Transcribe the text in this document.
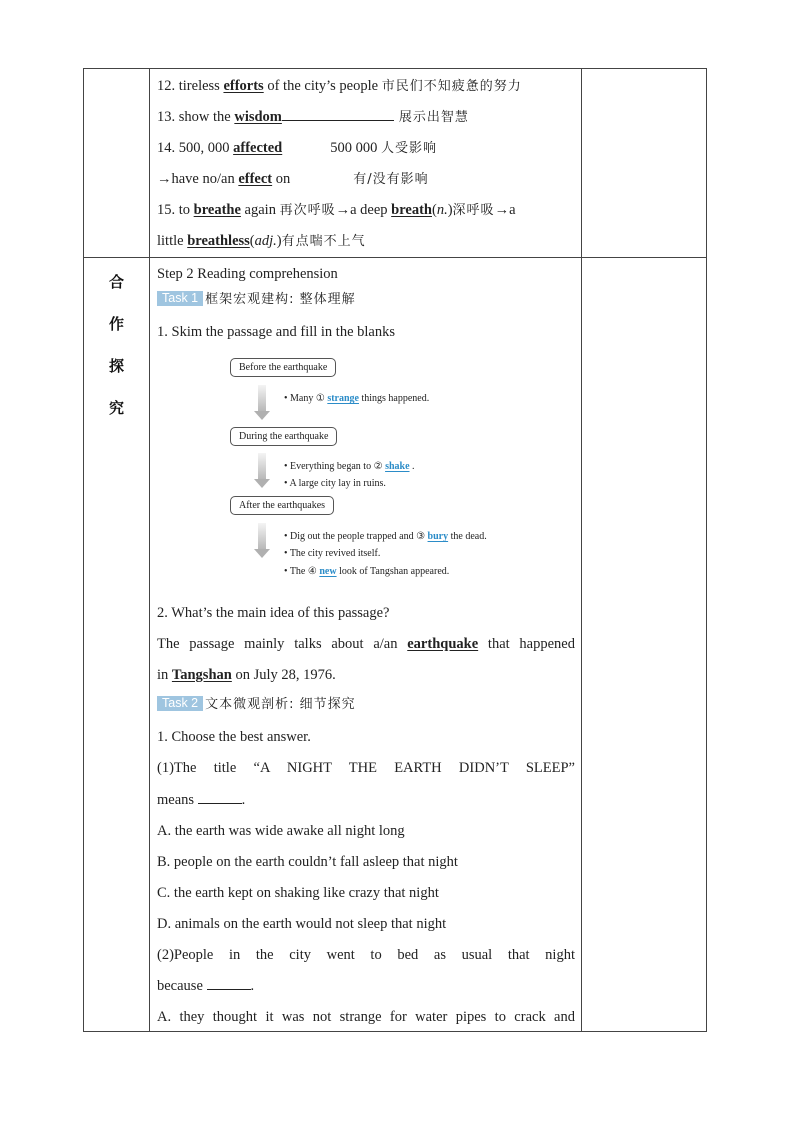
合
作
探
究
12. tireless efforts of the city’s people 市民们不知疲惫的努力
13. show the wisdom	展示出智慧
14. 500, 000 affected	500 000 人受影响
→have no/an effect on	有/没有影响
15. to breathe again 再次呼吸→a deep breath(n.)深呼吸→a
little breathless(adj.)有点喘不上气
Step 2 Reading comprehension
Task 1 框架宏观建构: 整体理解
1. Skim the passage and fill in the blanks
Before the earthquake
• Many ① strange things happened.
During the earthquake
• Everything began to ② shake .
• A large city lay in ruins.
After the earthquakes
• Dig out the people trapped and ③ bury the dead.
• The city revived itself.
• The ④ new look of Tangshan appeared.
2. What’s the main idea of this passage?
The passage mainly talks about a/an earthquake that happened
in Tangshan on July 28, 1976.
Task 2 文本微观剖析: 细节探究
1. Choose the best answer.
(1)The title “A NIGHT THE EARTH DIDN’T SLEEP”
means	.
A. the earth was wide awake all night long
B. people on the earth couldn’t fall asleep that night
C. the earth kept on shaking like crazy that night
D. animals on the earth would not sleep that night
(2)People in the city went to bed as usual that night
because	.
A. they thought it was not strange for water pipes to crack and
